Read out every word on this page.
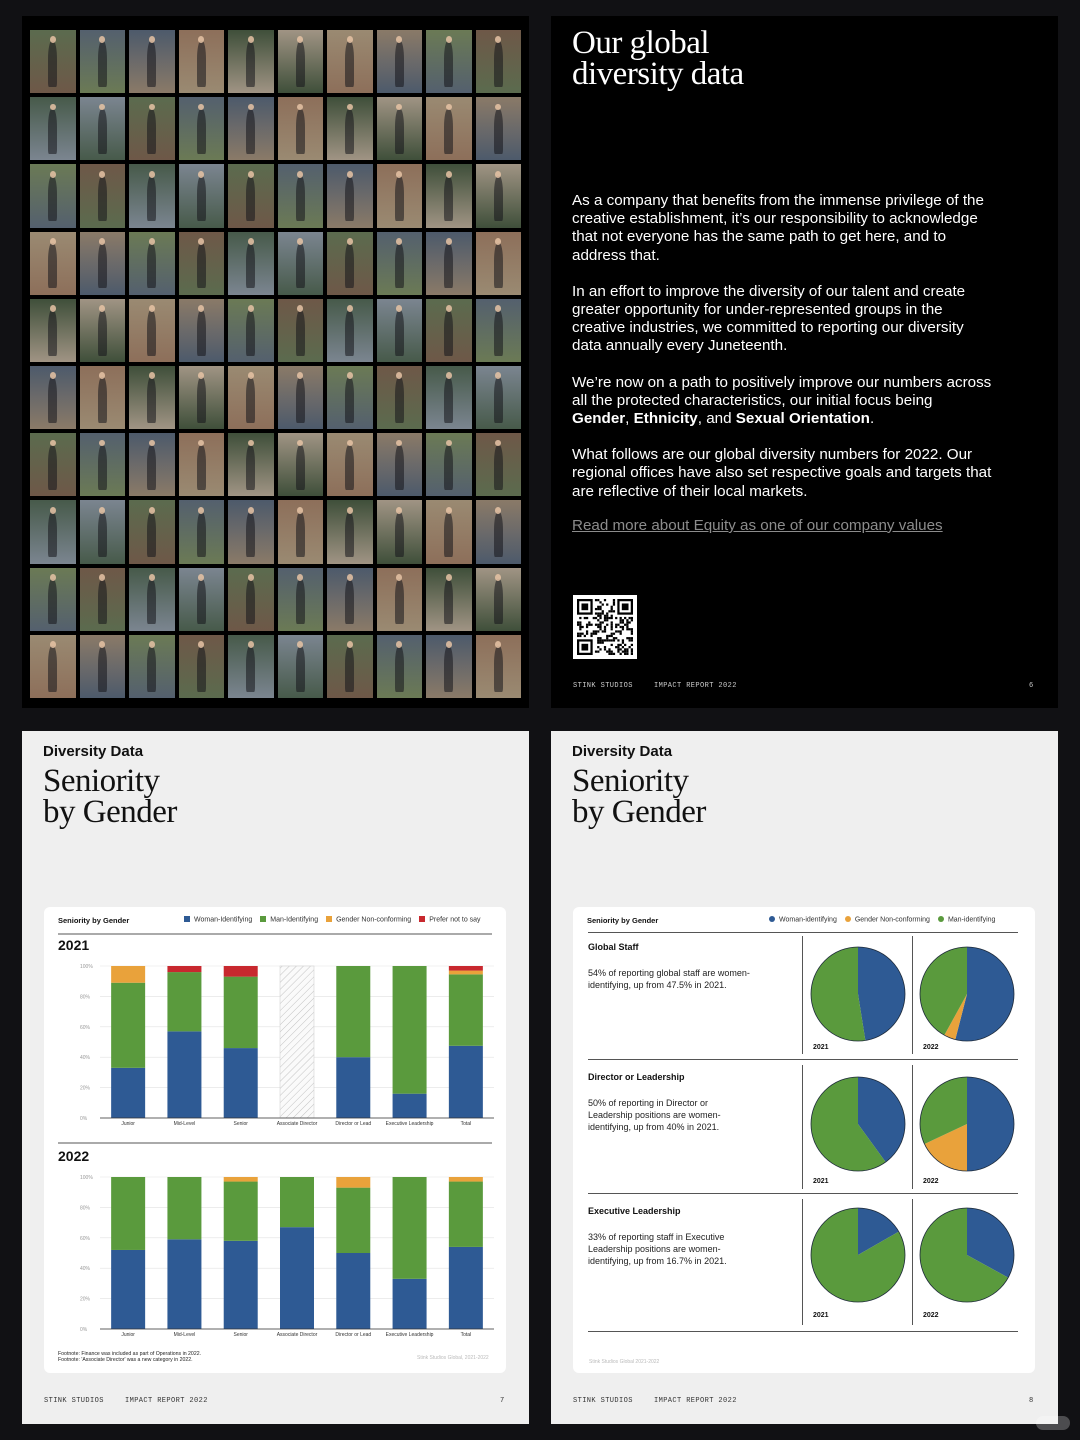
Our global
diversity data

As a company that benefits from the immense privilege of the creative establishment, it’s our responsibility to acknowledge that not everyone has the same path to get here, and to address that.

In an effort to improve the diversity of our talent and create greater opportunity for under-represented groups in the creative industries, we committed to reporting our diversity data annually every Juneteenth.

We’re now on a path to positively improve our numbers across all the protected characteristics, our initial focus being Gender, Ethnicity, and Sexual Orientation.

What follows are our global diversity numbers for 2022. Our regional offices have also set respective goals and targets that are reflective of their local markets.

Read more about Equity as one of our company values

STINK STUDIOS	IMPACT REPORT 2022	6
Diversity Data
Seniority
by Gender
Seniority by Gender	Woman-Identifying	Man-Identifying	Gender Non-conforming	Prefer not to say
2021
2022
0%
20%
40%
60%
80%
100%
Junior	Mid-Level	Senior	Associate Director	Director or Lead	Executive Leadership	Total
0%
20%
40%
60%
80%
100%
Junior	Mid-Level	Senior	Associate Director	Director or Lead	Executive Leadership	Total
Footnote: Finance was included as part of Operations in 2022.
Footnote: 'Associate Director' was a new category in 2022.	Stink Studios Global, 2021-2022
STINK STUDIOS	IMPACT REPORT 2022	7
Diversity Data
Seniority
by Gender
Seniority by Gender	Woman-identifying	Gender Non-conforming	Man-identifying
Global Staff
54% of reporting global staff are women-identifying, up from 47.5% in 2021.
Director or Leadership
50% of reporting in Director or Leadership positions are women-identifying, up from 40% in 2021.
Executive Leadership
33% of reporting staff in Executive Leadership positions are women-identifying, up from 16.7% in 2021.
2021	2022
2021	2022
2021	2022
Stink Studios Global 2021-2022
STINK STUDIOS	IMPACT REPORT 2022	8
